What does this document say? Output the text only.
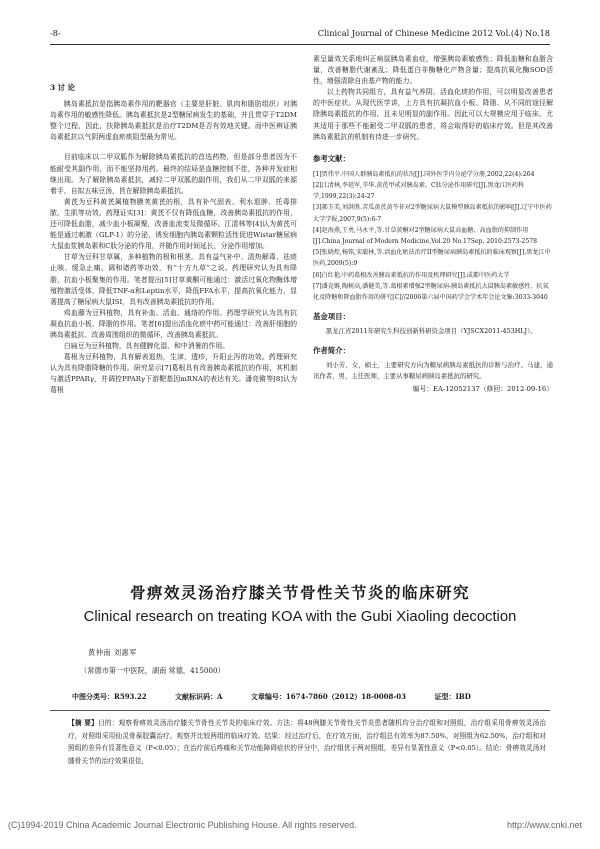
-8-	Clinical Journal of Chinese Medicine 2012 Vol.(4) No.18
3 讨 论

胰岛素抵抗是指胰岛素作用的靶器官（主要是肝脏、肌肉和脂肪组织）对胰岛素作用的敏感性降低。胰岛素抵抗是2型糖尿病发生的基础，并且贯穿于T2DM整个过程，因此，扶除胰岛素抵抗是治疗T2DM是否有效地关键。而中医辨证胰岛素抵抗以气阴两虚血瘀痰阻型最为常见。

目前临床以二甲双胍作为解除胰岛素抵抗的首选药物，但是部分患者因为不能耐受其副作用，而不能坚持用药。最终的结局是血糖控制不佳，各种并发症相继出现。为了解除胰岛素抵抗，减轻二甲双胍的副作用，我们从二甲双胍的来源着手，自拟五味豆汤，旨在解除胰岛素抵抗。

黄芪为豆科黄芪属植物膜荚黄芪的根，具有补气固表、利水退肿、托毒排脓、生肌等功效。药理证实[3]：黄芪不仅有降低血糖，改善胰岛素抵抗的作用，还可降低血脂，减少血小板凝聚，改善血流变及微循环。江清林等[4]认为黄芪可能是通过刺激（GLP-1）的分泌，诱发细胞内胰岛素颗粒活性促进Wistar糖尿病大鼠血浆胰岛素和C肽分泌的作用，并随作用时间延长，分泌作用增加。

甘草为豆科甘草属，多种植物的根和根茎。具有益气补中、清热解毒、祛痰止咳、缓急止痛、调和诸药等功效，有“十方九草”之说。药理研究认为具有降脂，抗血小板聚集的作用。笔者提出[5]甘草黄酮可能通过：激活过氧化物酶体增殖物激活受体，降低TNF-α和Leptin水平，降低FFA水平，提高抗氧化能力，显著提高了糖尿病大鼠ISI，具有改善胰岛素抵抗的作用。

鸡血藤为豆科植物，具有补血、活血、通络的作用。药理学研究认为具有抗凝血抗血小板、降脂的作用。笔者[6]提出活血化瘀中药可能通过：改善肝细胞的胰岛素抵抗、改善周围组织的微循环，改善胰岛素抵抗。

白扁豆为豆科植物，具有健脾化湿、和中消暑的作用。

葛根为豆科植物，具有解表退热，生津，透疹，升阳止泻的功效。药理研究认为具有降脂降糖的作用。研究显示[7]葛根具有改善胰岛素抵抗的作用，其机制与激活PPARγ，并调控PPARγ下游靶基因mRNA的表达有关。潘竞锵等[8]认为葛根

素呈量效关系地纠正病鼠胰岛素血症，增强胰岛素敏感性；降低血糖和血脂含量，改善糖脂代谢紊乱；降低蛋白非酶糖化产物含量；提高抗氧化酶SOD活性，增强清除自由基产物的能力。

以上药物共同组方，具有益气养阴、活血化痰的作用，可以明显改善患者的中医症状。从现代医学讲，上方具有抗凝抗血小板、降脂、从不同的途径解除胰岛素抵抗的作用，且未见明显的副作用。因此可以大规模应用于临床，尤其适用于那些不能耐受二甲双胍的患者，将会取得好的临床疗效。但是其改善胰岛素抵抗的机制有待进一步研究。

参考文献：
[1]贾伟平.中国人群胰岛素抵抗的状况[J].国外医学内分泌学分册,2002,22(4):264
[2]江清林,李延军,辛华.黄芪甲甙对胰岛素、C肽分泌作用研究[J].黑龙江医药科学,1999,22(3):24-27
[3]郝玉美,刘洪胜.苦瓜黄芪黄芩苷对2型糖尿病大鼠模型胰岛素抵抗的影响[J].辽宁中医药大学学报,2007,9(5):6-7
[4]赵海燕,王勇,马永平,等.甘草黄酮对2型糖尿病大鼠高血糖、高血脂的抑制作用[J].China Journal of Modern Medicine,Vol.20 No.17Sep. 2010:2573-2578
[5]张晓煌,杨铭,宋聪林,等.活血化瘀法治疗II型糖尿病胰岛素抵抗的临床观察[J].黑龙江中医药,2009(5):9
[6]白红艳.中药葛根改善胰岛素抵抗的作用及机理研究[J].成都中医药大学
[7]潘竞锵,陶树高,潘健美,等.葛根素增强2型糖尿病-胰岛素抵抗大鼠胰岛素敏感性、抗氧化及降糖和降血脂作用的研究[C]//2006第六届中国药学会学术年会论文集:3033-3040
基金项目：
黑龙江省2011年研究生科技创新科研资金项目（YJSCX2011-453HLJ）。
作者简介：
刘小芳，女，硕士，主要研究方向为糖尿病胰岛素抵抗的诊断与治疗。马建，通讯作者，男，主任医师，主要从事糖尿病胰岛素抵抗的研究。
编号：EA-12052137（修回：2012-09-16）
骨痹效灵汤治疗膝关节骨性关节炎的临床研究
Clinical research on treating KOA with the Gubi Xiaoling decoction
黄仲南 刘惠军
（常德市第一中医院，湖南 常德，415000）
中图分类号：R593.22	文献标识码：A	文章编号：1674-7860（2012）18-0008-03	证型：IBD
【摘 要】目的：观察骨痹效灵汤治疗膝关节骨性关节炎的临床疗效。方法：将48例膝关节骨性关节炎患者随机均分治疗组和对照组，治疗组采用骨痹效灵汤治疗，对照组采用仙灵骨葆胶囊治疗。观察并比较两组的临床疗效。结果：经过治疗后，在疗效方面，治疗组总有效率为87.50%，对照组为62.50%，治疗组和对照组的差异有显著性意义（P<0.05）；在治疗前后疼痛和关节功能障碍症状的评分中，治疗组优于两对照组，差异有显著性意义（P<0.05）。结论：骨痹效灵汤对膝骨关节的治疗效果很佳，
(C)1994-2019 China Academic Journal Electronic Publishing House. All rights reserved.	http://www.cnki.net
